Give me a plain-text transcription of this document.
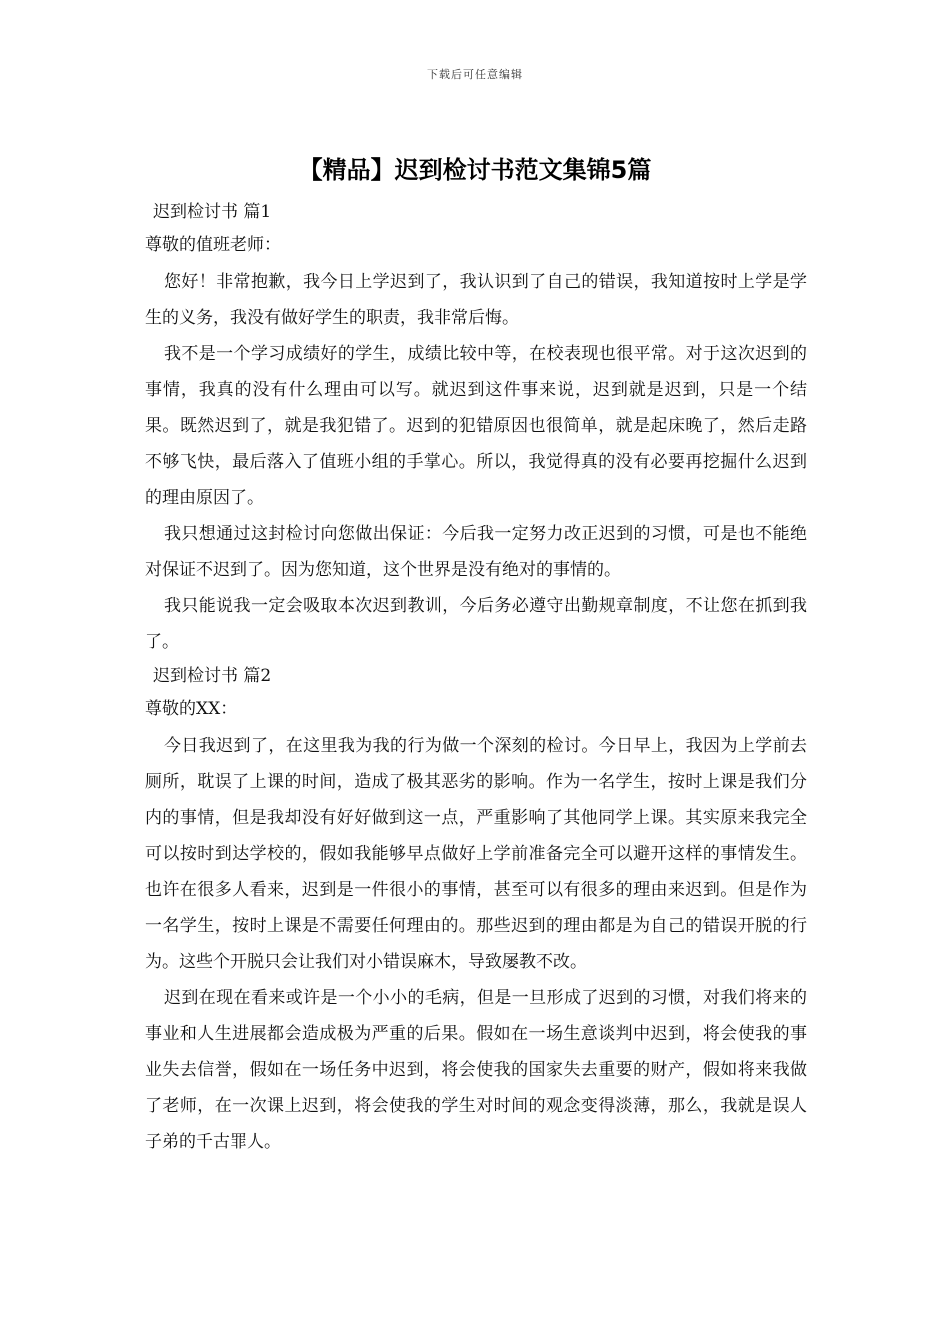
下载后可任意编辑
【精品】迟到检讨书范文集锦5篇

迟到检讨书 篇1

尊敬的值班老师：

您好！非常抱歉，我今日上学迟到了，我认识到了自己的错误，我知道按时上学是学生的义务，我没有做好学生的职责，我非常后悔。

我不是一个学习成绩好的学生，成绩比较中等，在校表现也很平常。对于这次迟到的事情，我真的没有什么理由可以写。就迟到这件事来说，迟到就是迟到，只是一个结果。既然迟到了，就是我犯错了。迟到的犯错原因也很简单，就是起床晚了，然后走路不够飞快，最后落入了值班小组的手掌心。所以，我觉得真的没有必要再挖掘什么迟到的理由原因了。

我只想通过这封检讨向您做出保证：今后我一定努力改正迟到的习惯，可是也不能绝对保证不迟到了。因为您知道，这个世界是没有绝对的事情的。

我只能说我一定会吸取本次迟到教训，今后务必遵守出勤规章制度，不让您在抓到我了。

迟到检讨书 篇2

尊敬的XX：

今日我迟到了，在这里我为我的行为做一个深刻的检讨。今日早上，我因为上学前去厕所，耽误了上课的时间，造成了极其恶劣的影响。作为一名学生，按时上课是我们分内的事情，但是我却没有好好做到这一点，严重影响了其他同学上课。其实原来我完全可以按时到达学校的，假如我能够早点做好上学前准备完全可以避开这样的事情发生。也许在很多人看来，迟到是一件很小的事情，甚至可以有很多的理由来迟到。但是作为一名学生，按时上课是不需要任何理由的。那些迟到的理由都是为自己的错误开脱的行为。这些个开脱只会让我们对小错误麻木，导致屡教不改。

迟到在现在看来或许是一个小小的毛病，但是一旦形成了迟到的习惯，对我们将来的事业和人生进展都会造成极为严重的后果。假如在一场生意谈判中迟到，将会使我的事业失去信誉，假如在一场任务中迟到，将会使我的国家失去重要的财产，假如将来我做了老师，在一次课上迟到，将会使我的学生对时间的观念变得淡薄，那么，我就是误人子弟的千古罪人。
